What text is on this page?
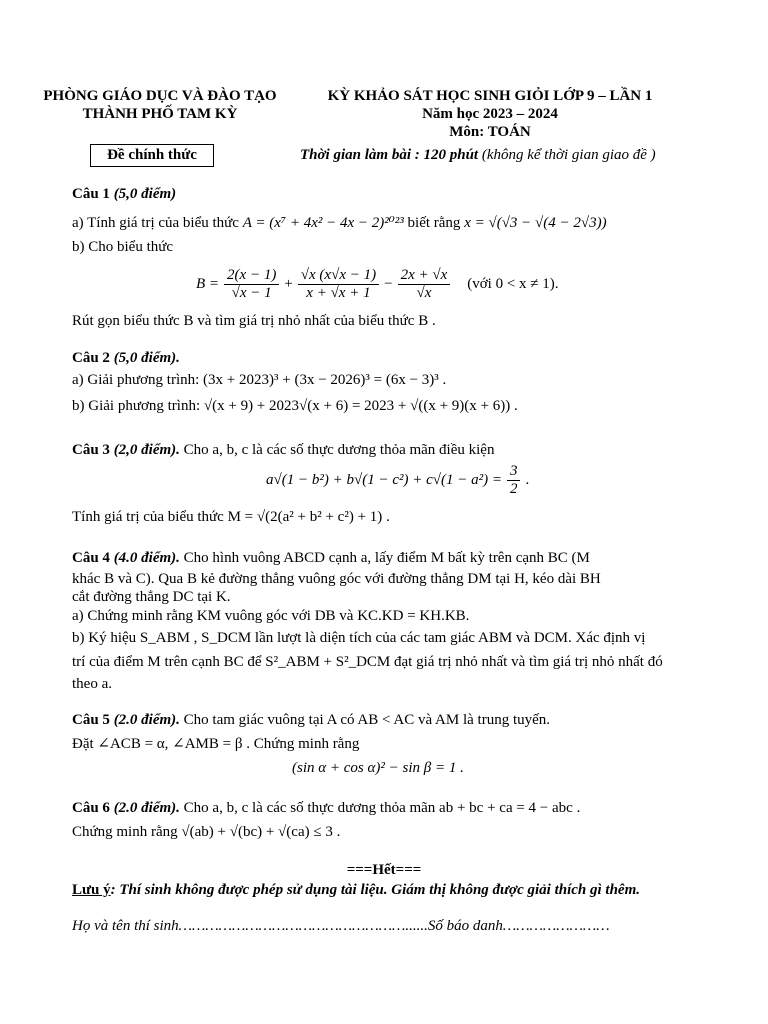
PHÒNG GIÁO DỤC VÀ ĐÀO TẠO
THÀNH PHỐ TAM KỲ
KỲ KHẢO SÁT HỌC SINH GIỎI LỚP 9 – LẦN 1
Năm học 2023 – 2024
Môn: TOÁN
Đề chính thức	Thời gian làm bài : 120 phút (không kể thời gian giao đề )
Câu 1 (5,0 điểm)
a) Tính giá trị của biểu thức A = (x⁷ + 4x² − 4x − 2)²⁰²³ biết rằng x = √(√3 − √(4 − 2√3))
b) Cho biểu thức
$B = \frac{2(x - 1)}{√x - 1} + \frac{√x (x√x - 1)}{x + √x + 1} - \frac{2x + √x}{√x}$ (với 0 < x ≠ 1).
Rút gọn biểu thức B và tìm giá trị nhỏ nhất của biểu thức B .
Câu 2 (5,0 điểm).
a) Giải phương trình: (3x + 2023)³ + (3x − 2026)³ = (6x − 3)³ .
b) Giải phương trình: √(x + 9) + 2023√(x + 6) = 2023 + √((x + 9)(x + 6)) .
Câu 3 (2,0 điểm). Cho a, b, c là các số thực dương thỏa mãn điều kiện
$a√(1 - b^2) + b√(1 - c^2) + c√(1 - a^2) = \frac{3}{2}$ .
Tính giá trị của biểu thức M = √(2(a² + b² + c²) + 1) .
Câu 4 (4.0 điểm). Cho hình vuông ABCD cạnh a, lấy điểm M bất kỳ trên cạnh BC (M
khác B và C). Qua B kẻ đường thẳng vuông góc với đường thẳng DM tại H, kéo dài BH
cắt đường thẳng DC tại K.
a) Chứng minh rằng KM vuông góc với DB và KC.KD = KH.KB.
b) Ký hiệu S_ABM , S_DCM lần lượt là diện tích của các tam giác ABM và DCM. Xác định vị
trí của điểm M trên cạnh BC để S²_ABM + S²_DCM đạt giá trị nhỏ nhất và tìm giá trị nhỏ nhất đó
theo a.
Câu 5 (2.0 điểm). Cho tam giác vuông tại A có AB < AC và AM là trung tuyến.
Đặt ∠ACB = α, ∠AMB = β . Chứng minh rằng
(sin α + cos α)² − sin β = 1 .
Câu 6 (2.0 điểm). Cho a, b, c là các số thực dương thỏa mãn ab + bc + ca = 4 − abc .
Chứng minh rằng √(ab) + √(bc) + √(ca) ≤ 3 .
===Hết===
Lưu ý: Thí sinh không được phép sử dụng tài liệu. Giám thị không được giải thích gì thêm.
Họ và tên thí sinh……………………………………………......Số báo danh……………………
